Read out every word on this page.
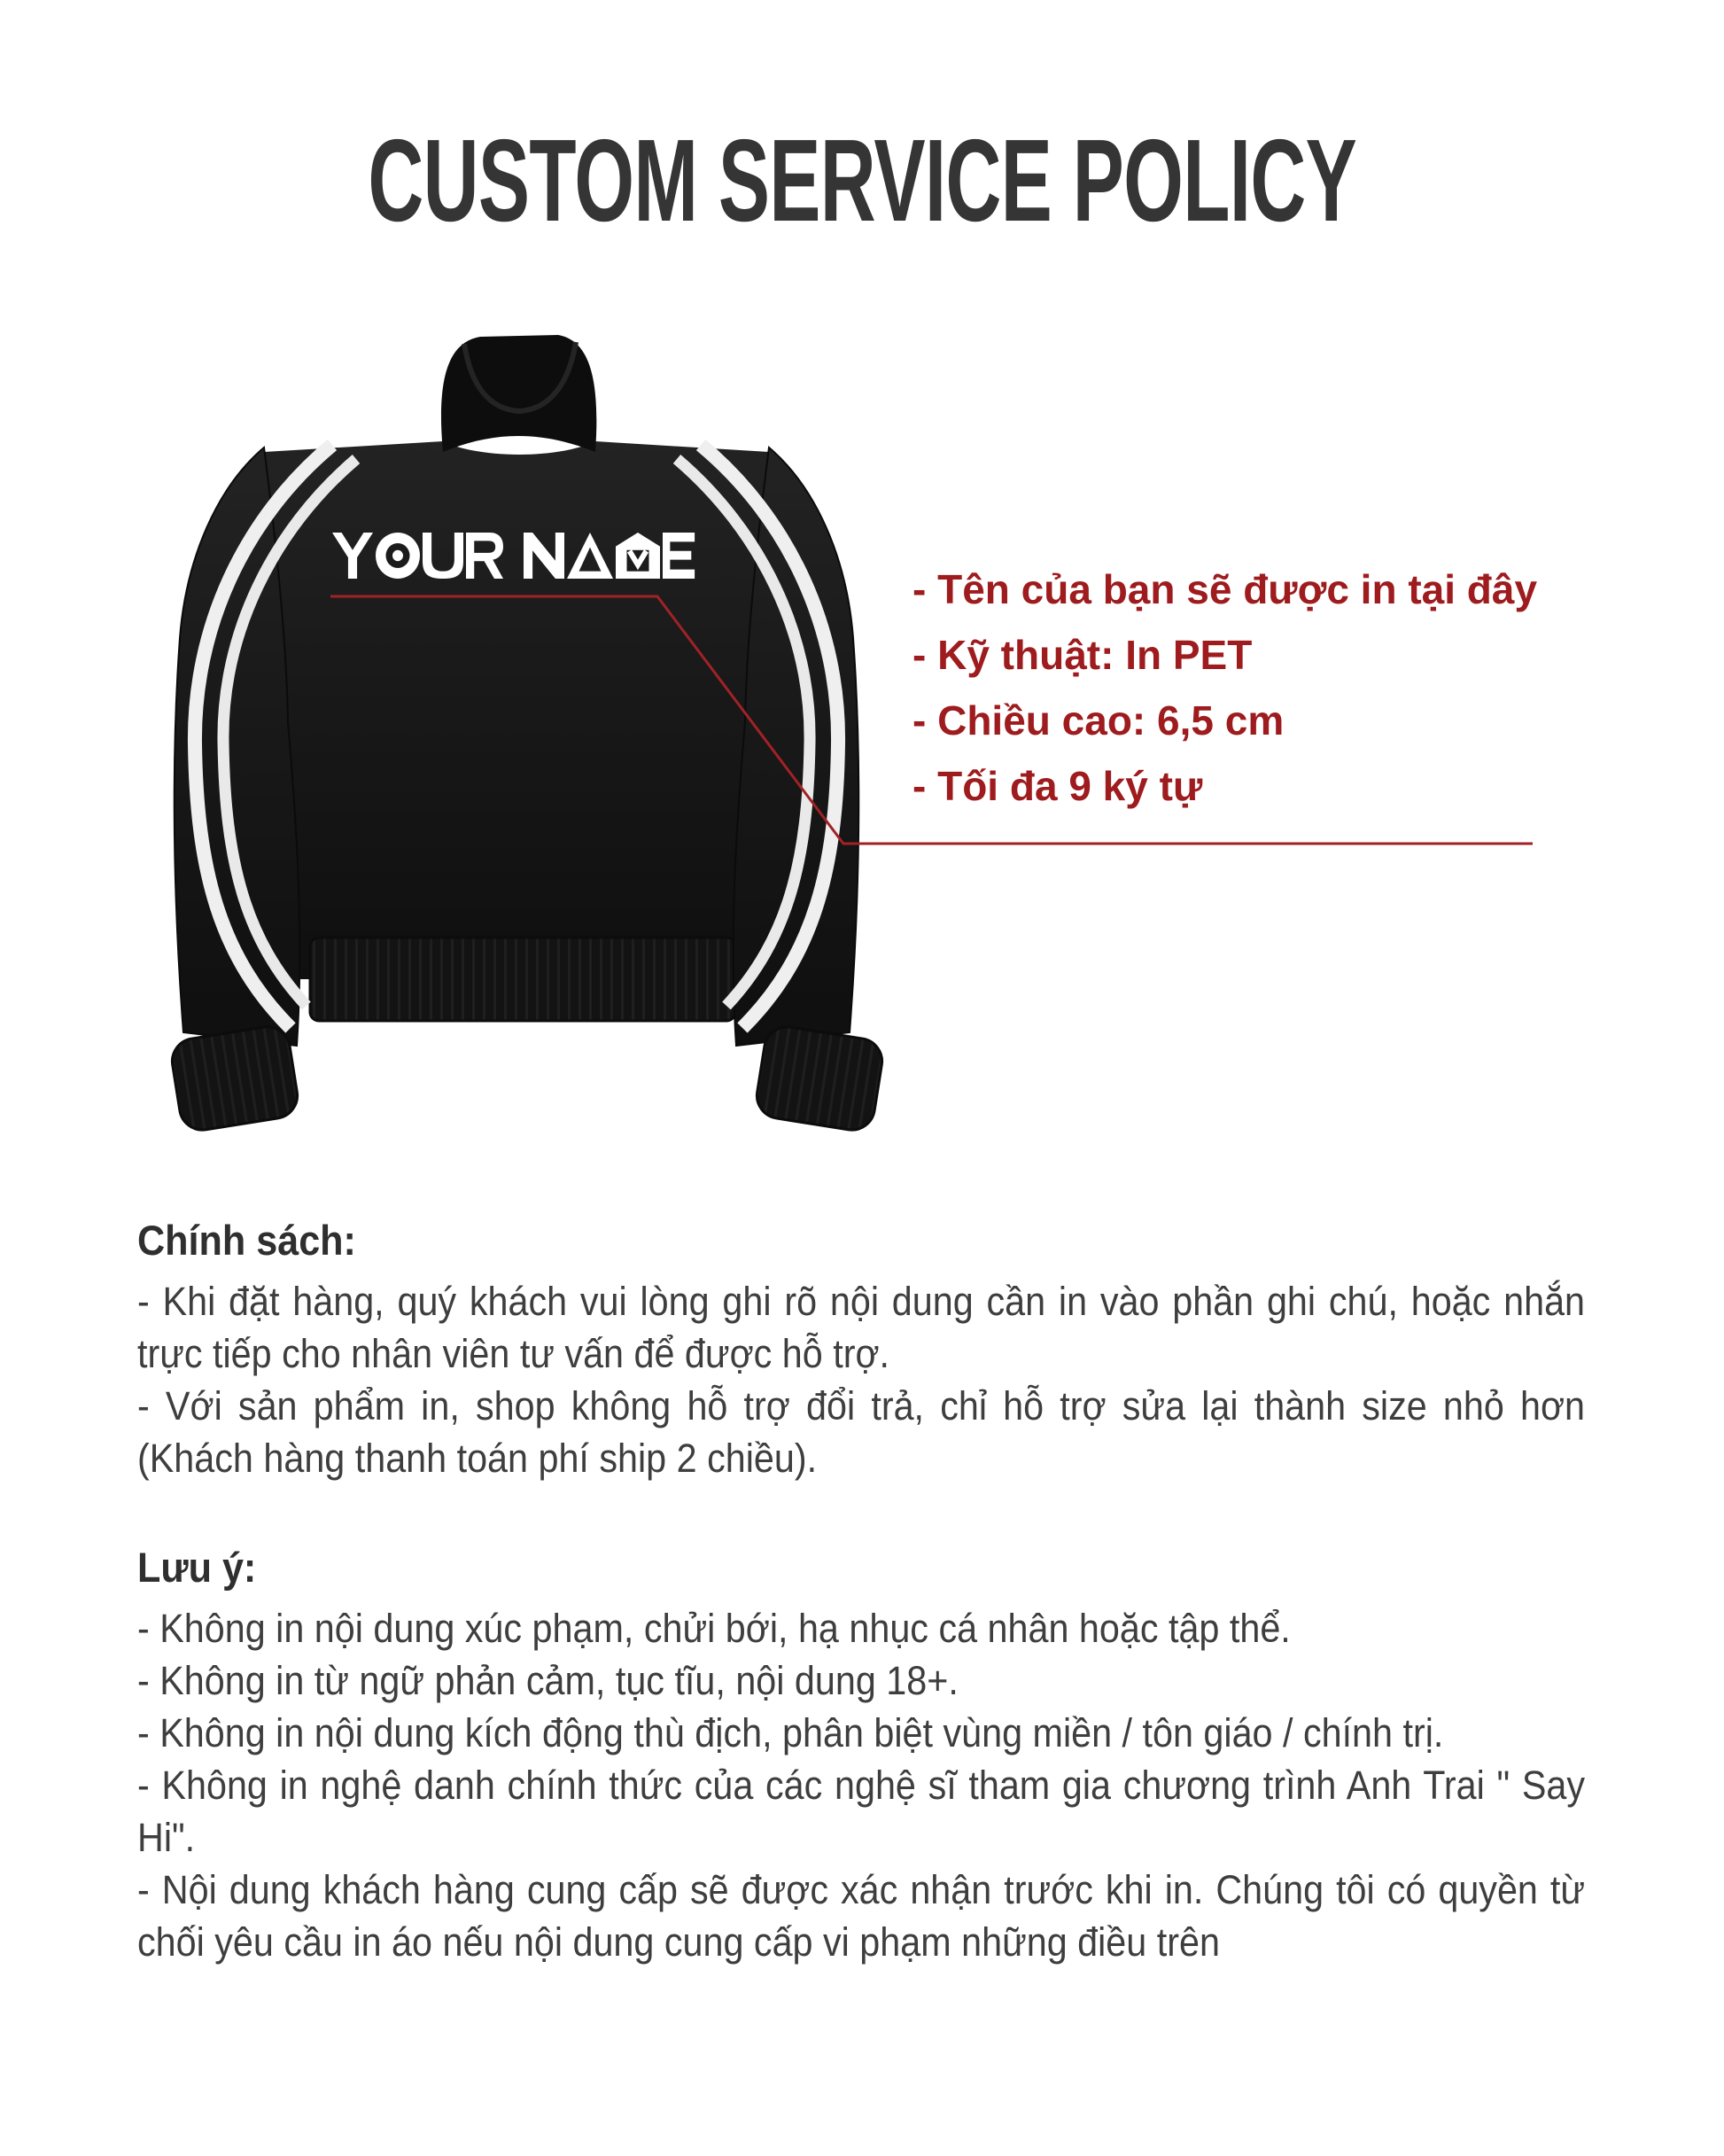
CUSTOM SERVICE POLICY
- Tên của bạn sẽ được in tại đây
- Kỹ thuật: In PET
- Chiều cao: 6,5 cm
- Tối đa 9 ký tự
Chính sách:

- Khi đặt hàng, quý khách vui lòng ghi rõ nội dung cần in vào phần ghi chú, hoặc nhắn trực tiếp cho nhân viên tư vấn để được hỗ trợ.

- Với sản phẩm in, shop không hỗ trợ đổi trả, chỉ hỗ trợ sửa lại thành size nhỏ hơn (Khách hàng thanh toán phí ship 2 chiều).

Lưu ý:

- Không in nội dung xúc phạm, chửi bới, hạ nhục cá nhân hoặc tập thể.

- Không in từ ngữ phản cảm, tục tĩu, nội dung 18+.

- Không in nội dung kích động thù địch, phân biệt vùng miền / tôn giáo / chính trị.

- Không in nghệ danh chính thức của các nghệ sĩ tham gia chương trình Anh Trai " Say Hi".

- Nội dung khách hàng cung cấp sẽ được xác nhận trước khi in. Chúng tôi có quyền từ chối yêu cầu in áo nếu nội dung cung cấp vi phạm những điều trên
